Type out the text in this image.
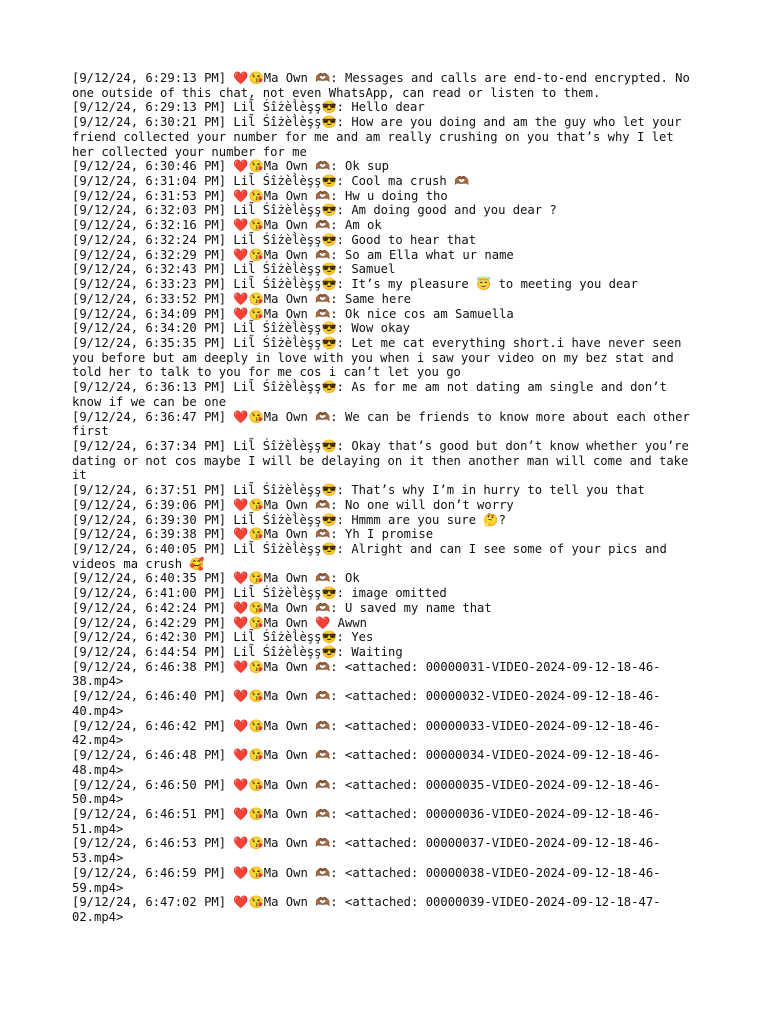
[9/12/24, 6:29:13 PM] ❤️😘Ma Own 🫶🏾: Messages and calls are end-to-end encrypted. No one outside of this chat, not even WhatsApp, can read or listen to them.

[9/12/24, 6:29:13 PM] Lil̃ Śîżèl̀èşş😎: Hello dear

[9/12/24, 6:30:21 PM] Lil̃ Śîżèl̀èşş😎: How are you doing and am the guy who let your friend collected your number for me and am really crushing on you that’s why I let her collected your number for me

[9/12/24, 6:30:46 PM] ❤️😘Ma Own 🫶🏾: Ok sup

[9/12/24, 6:31:04 PM] Lil̃ Śîżèl̀èşş😎: Cool ma crush 🫶🏾

[9/12/24, 6:31:53 PM] ❤️😘Ma Own 🫶🏾: Hw u doing tho

[9/12/24, 6:32:03 PM] Lil̃ Śîżèl̀èşş😎: Am doing good and you dear ?

[9/12/24, 6:32:16 PM] ❤️😘Ma Own 🫶🏾: Am ok

[9/12/24, 6:32:24 PM] Lil̃ Śîżèl̀èşş😎: Good to hear that

[9/12/24, 6:32:29 PM] ❤️😘Ma Own 🫶🏾: So am Ella what ur name

[9/12/24, 6:32:43 PM] Lil̃ Śîżèl̀èşş😎: Samuel

[9/12/24, 6:33:23 PM] Lil̃ Śîżèl̀èşş😎: It’s my pleasure 😇 to meeting you dear

[9/12/24, 6:33:52 PM] ❤️😘Ma Own 🫶🏾: Same here

[9/12/24, 6:34:09 PM] ❤️😘Ma Own 🫶🏾: Ok nice cos am Samuella

[9/12/24, 6:34:20 PM] Lil̃ Śîżèl̀èşş😎: Wow okay

[9/12/24, 6:35:35 PM] Lil̃ Śîżèl̀èşş😎: Let me cat everything short.i have never seen you before but am deeply in love with you when i saw your video on my bez stat and told her to talk to you for me cos i can’t let you go

[9/12/24, 6:36:13 PM] Lil̃ Śîżèl̀èşş😎: As for me am not dating am single and don’t know if we can be one

[9/12/24, 6:36:47 PM] ❤️😘Ma Own 🫶🏾: We can be friends to know more about each other first

[9/12/24, 6:37:34 PM] Lil̃ Śîżèl̀èşş😎: Okay that’s good but don’t know whether you’re dating or not cos maybe I will be delaying on it then another man will come and take it

[9/12/24, 6:37:51 PM] Lil̃ Śîżèl̀èşş😎: That’s why I’m in hurry to tell you that

[9/12/24, 6:39:06 PM] ❤️😘Ma Own 🫶🏾: No one will don’t worry

[9/12/24, 6:39:30 PM] Lil̃ Śîżèl̀èşş😎: Hmmm are you sure 🤔?

[9/12/24, 6:39:38 PM] ❤️😘Ma Own 🫶🏾: Yh I promise

[9/12/24, 6:40:05 PM] Lil̃ Śîżèl̀èşş😎: Alright and can I see some of your pics and videos ma crush 🥰

[9/12/24, 6:40:35 PM] ❤️😘Ma Own 🫶🏾: Ok

[9/12/24, 6:41:00 PM] Lil̃ Śîżèl̀èşş😎: image omitted

[9/12/24, 6:42:24 PM] ❤️😘Ma Own 🫶🏾: U saved my name that

[9/12/24, 6:42:29 PM] ❤️😘Ma Own ❤️ Awwn

[9/12/24, 6:42:30 PM] Lil̃ Śîżèl̀èşş😎: Yes

[9/12/24, 6:44:54 PM] Lil̃ Śîżèl̀èşş😎: Waiting

[9/12/24, 6:46:38 PM] ❤️😘Ma Own 🫶🏾: <attached: 00000031-VIDEO-2024-09-12-18-46-38.mp4>

[9/12/24, 6:46:40 PM] ❤️😘Ma Own 🫶🏾: <attached: 00000032-VIDEO-2024-09-12-18-46-40.mp4>

[9/12/24, 6:46:42 PM] ❤️😘Ma Own 🫶🏾: <attached: 00000033-VIDEO-2024-09-12-18-46-42.mp4>

[9/12/24, 6:46:48 PM] ❤️😘Ma Own 🫶🏾: <attached: 00000034-VIDEO-2024-09-12-18-46-48.mp4>

[9/12/24, 6:46:50 PM] ❤️😘Ma Own 🫶🏾: <attached: 00000035-VIDEO-2024-09-12-18-46-50.mp4>

[9/12/24, 6:46:51 PM] ❤️😘Ma Own 🫶🏾: <attached: 00000036-VIDEO-2024-09-12-18-46-51.mp4>

[9/12/24, 6:46:53 PM] ❤️😘Ma Own 🫶🏾: <attached: 00000037-VIDEO-2024-09-12-18-46-53.mp4>

[9/12/24, 6:46:59 PM] ❤️😘Ma Own 🫶🏾: <attached: 00000038-VIDEO-2024-09-12-18-46-59.mp4>

[9/12/24, 6:47:02 PM] ❤️😘Ma Own 🫶🏾: <attached: 00000039-VIDEO-2024-09-12-18-47-02.mp4>
